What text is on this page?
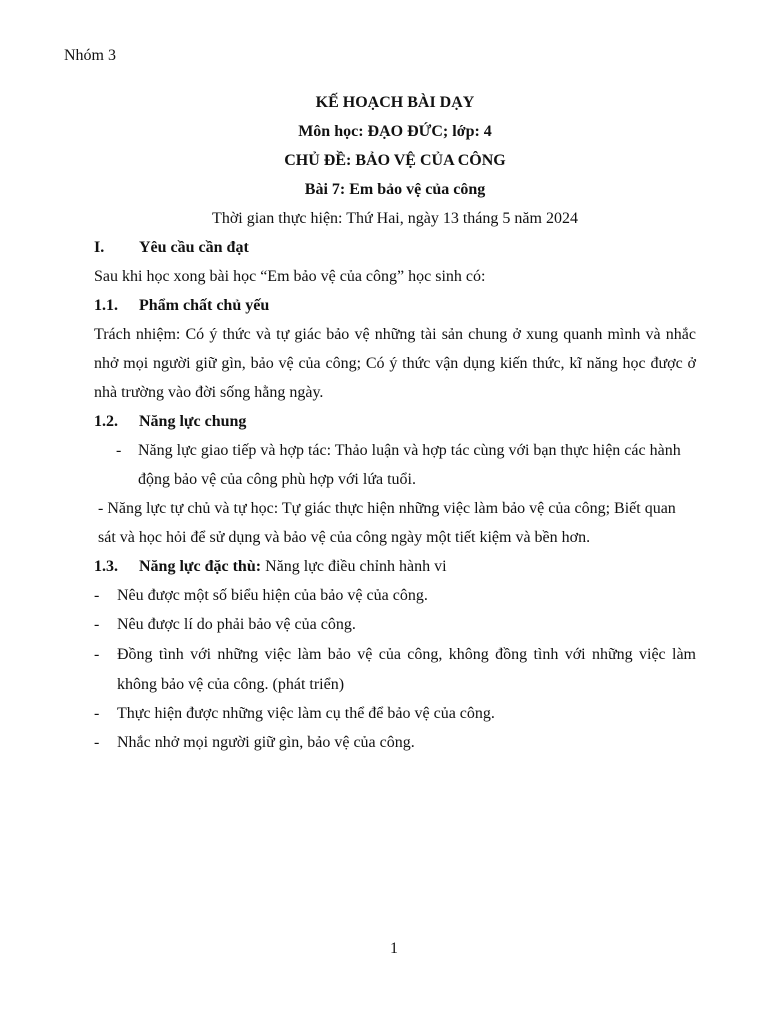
Nhóm 3
KẾ HOẠCH BÀI DẠY
Môn học: ĐẠO ĐỨC; lớp: 4
CHỦ ĐỀ: BẢO VỆ CỦA CÔNG
Bài 7: Em bảo vệ của công
Thời gian thực hiện: Thứ Hai, ngày 13 tháng 5 năm 2024
I. Yêu cầu cần đạt
Sau khi học xong bài học “Em bảo vệ của công” học sinh có:
1.1. Phẩm chất chủ yếu
Trách nhiệm: Có ý thức và tự giác bảo vệ những tài sản chung ở xung quanh mình và nhắc
nhở mọi người giữ gìn, bảo vệ của công; Có ý thức vận dụng kiến thức, kĩ năng học được ở
nhà trường vào đời sống hằng ngày.
1.2. Năng lực chung
- Năng lực giao tiếp và hợp tác: Thảo luận và hợp tác cùng với bạn thực hiện các hành
động bảo vệ của công phù hợp với lứa tuổi.
- Năng lực tự chủ và tự học: Tự giác thực hiện những việc làm bảo vệ của công; Biết quan
sát và học hỏi để sử dụng và bảo vệ của công ngày một tiết kiệm và bền hơn.
1.3. Năng lực đặc thù: Năng lực điều chỉnh hành vi
- Nêu được một số biểu hiện của bảo vệ của công.
- Nêu được lí do phải bảo vệ của công.
- Đồng tình với những việc làm bảo vệ của công, không đồng tình với những việc làm
không bảo vệ của công. (phát triển)
- Thực hiện được những việc làm cụ thể để bảo vệ của công.
- Nhắc nhở mọi người giữ gìn, bảo vệ của công.
1
